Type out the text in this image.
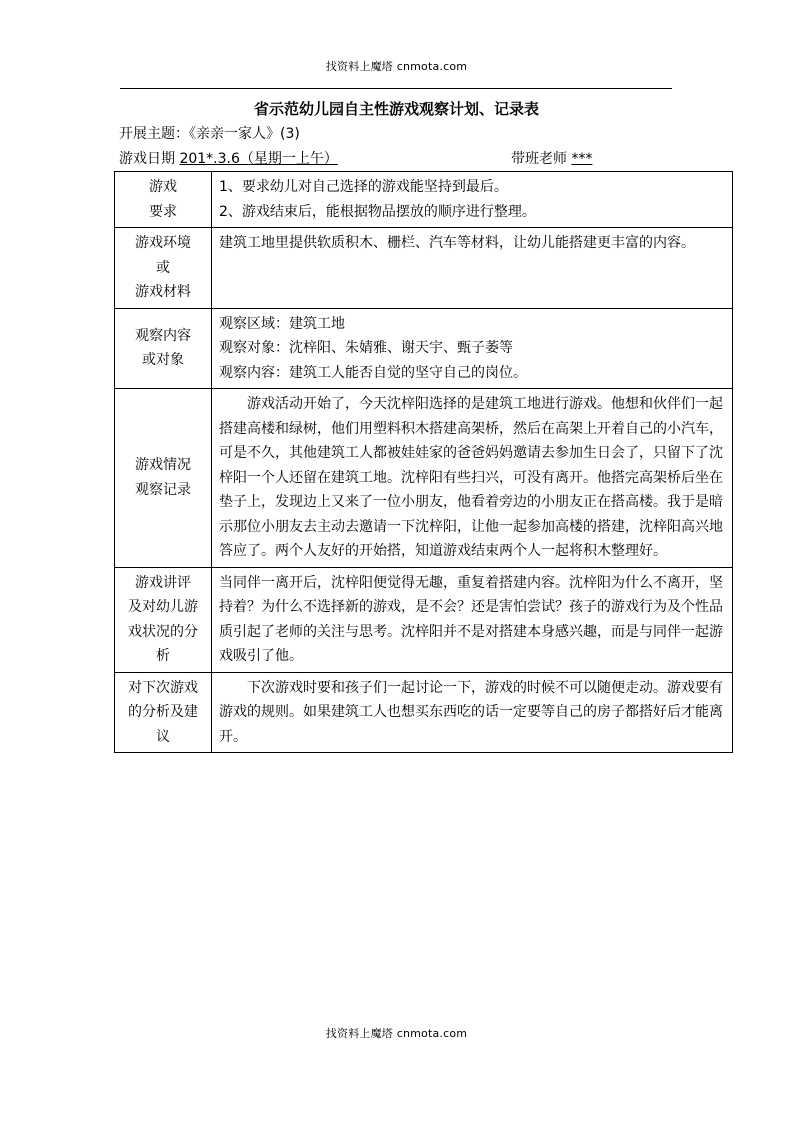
找资料上魔塔 cnmota.com
省示范幼儿园自主性游戏观察计划、记录表
开展主题：《亲亲一家人》(3)
游戏日期 201*.3.6（星期一上午）	带班老师 ***
游戏
要求	1、要求幼儿对自己选择的游戏能坚持到最后。
2、游戏结束后，能根据物品摆放的顺序进行整理。

游戏环境
或
游戏材料	建筑工地里提供软质积木、栅栏、汽车等材料，让幼儿能搭建更丰富的内容。

观察内容
或对象	观察区域：建筑工地
观察对象：沈梓阳、朱婧雅、谢天宇、甄子萎等
观察内容：建筑工人能否自觉的坚守自己的岗位。

游戏情况
观察记录	游戏活动开始了，今天沈梓阳选择的是建筑工地进行游戏。他想和伙伴们一起搭建高楼和绿树，他们用塑料积木搭建高架桥，然后在高架上开着自己的小汽车，可是不久，其他建筑工人都被娃娃家的爸爸妈妈邀请去参加生日会了，只留下了沈梓阳一个人还留在建筑工地。沈梓阳有些扫兴，可没有离开。他搭完高架桥后坐在垫子上，发现边上又来了一位小朋友，他看着旁边的小朋友正在搭高楼。我于是暗示那位小朋友去主动去邀请一下沈梓阳，让他一起参加高楼的搭建，沈梓阳高兴地答应了。两个人友好的开始搭，知道游戏结束两个人一起将积木整理好。

游戏讲评
及对幼儿游
戏状况的分
析	当同伴一离开后，沈梓阳便觉得无趣，重复着搭建内容。沈梓阳为什么不离开，坚持着？为什么不选择新的游戏，是不会？还是害怕尝试？孩子的游戏行为及个性品质引起了老师的关注与思考。沈梓阳并不是对搭建本身感兴趣，而是与同伴一起游戏吸引了他。

对下次游戏
的分析及建
议	下次游戏时要和孩子们一起讨论一下，游戏的时候不可以随便走动。游戏要有游戏的规则。如果建筑工人也想买东西吃的话一定要等自己的房子都搭好后才能离开。
找资料上魔塔 cnmota.com
